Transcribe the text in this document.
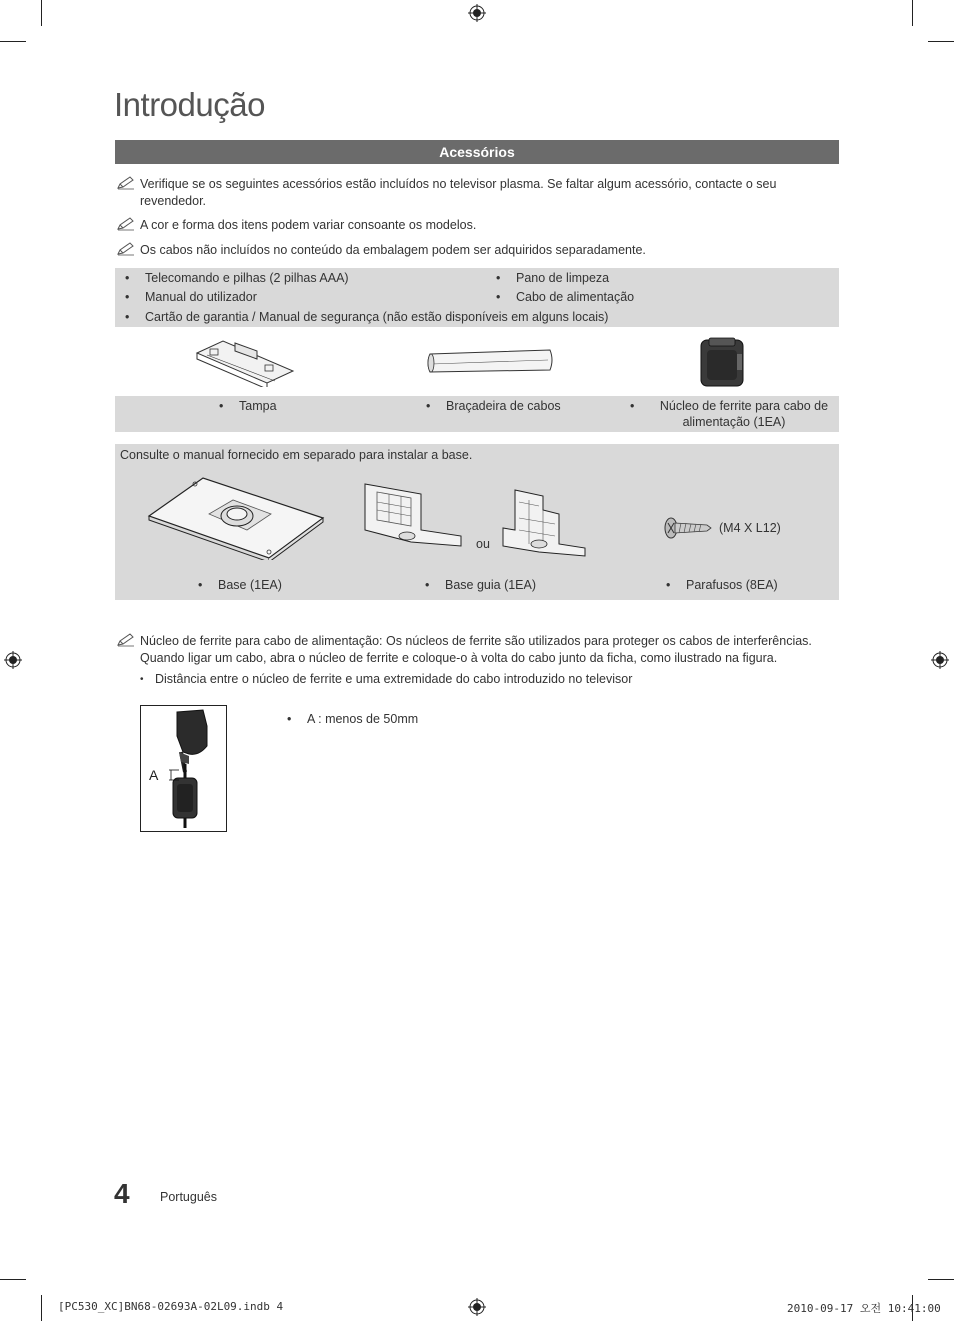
Introdução
Acessórios
Verifique se os seguintes acessórios estão incluídos no televisor plasma. Se faltar algum acessório, contacte o seu revendedor.
A cor e forma dos itens podem variar consoante os modelos.
Os cabos não incluídos no conteúdo da embalagem podem ser adquiridos separadamente.
•	Telecomando e pilhas (2 pilhas AAA)
•	Manual do utilizador
•	Pano de limpeza
•	Cabo de alimentação
•	Cartão de garantia / Manual de segurança (não estão disponíveis em alguns locais)
•	Tampa	•	Braçadeira de cabos	•	Núcleo de ferrite para cabo de
alimentação (1EA)
Consulte o manual fornecido em separado para instalar a base.
ou
(M4 X L12)
•	Base (1EA)	•	Base guia (1EA)	•	Parafusos (8EA)
Núcleo de ferrite para cabo de alimentação: Os núcleos de ferrite são utilizados para proteger os cabos de interferências.
Quando ligar um cabo, abra o núcleo de ferrite e coloque-o à volta do cabo junto da ficha, como ilustrado na figura.
• Distância entre o núcleo de ferrite e uma extremidade do cabo introduzido no televisor
A
•	A : menos de 50mm
4 Português
[PC530_XC]BN68-02693A-02L09.indb 4	2010-09-17 오전 10:41:00
